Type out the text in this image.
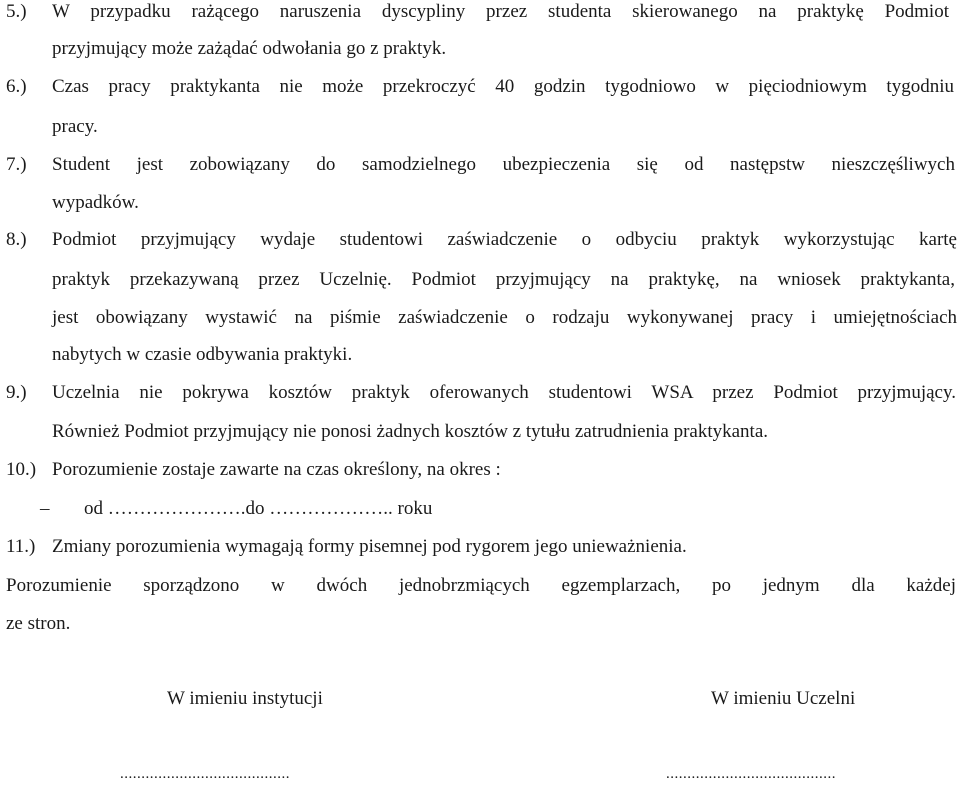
5.) W przypadku rażącego naruszenia dyscypliny przez studenta skierowanego na praktykę Podmiot
przyjmujący może zażądać odwołania go z praktyk.
6.) Czas pracy praktykanta nie może przekroczyć 40 godzin tygodniowo w pięciodniowym tygodniu
pracy.
7.) Student jest zobowiązany do samodzielnego ubezpieczenia się od następstw nieszczęśliwych
wypadków.
8.) Podmiot przyjmujący wydaje studentowi zaświadczenie o odbyciu praktyk wykorzystując kartę
praktyk przekazywaną przez Uczelnię. Podmiot przyjmujący na praktykę, na wniosek praktykanta,
jest obowiązany wystawić na piśmie zaświadczenie o rodzaju wykonywanej pracy i umiejętnościach
nabytych w czasie odbywania praktyki.
9.) Uczelnia nie pokrywa kosztów praktyk oferowanych studentowi WSA przez Podmiot przyjmujący.
Również Podmiot przyjmujący nie ponosi żadnych kosztów z tytułu zatrudnienia praktykanta.
10.) Porozumienie zostaje zawarte na czas określony, na okres :
– od ………………….do ……………….. roku
11.) Zmiany porozumienia wymagają formy pisemnej pod rygorem jego unieważnienia.
Porozumienie sporządzono w dwóch jednobrzmiących egzemplarzach, po jednym dla każdej
ze stron.
W imieniu instytucji	W imieniu Uczelni
........................................	........................................
